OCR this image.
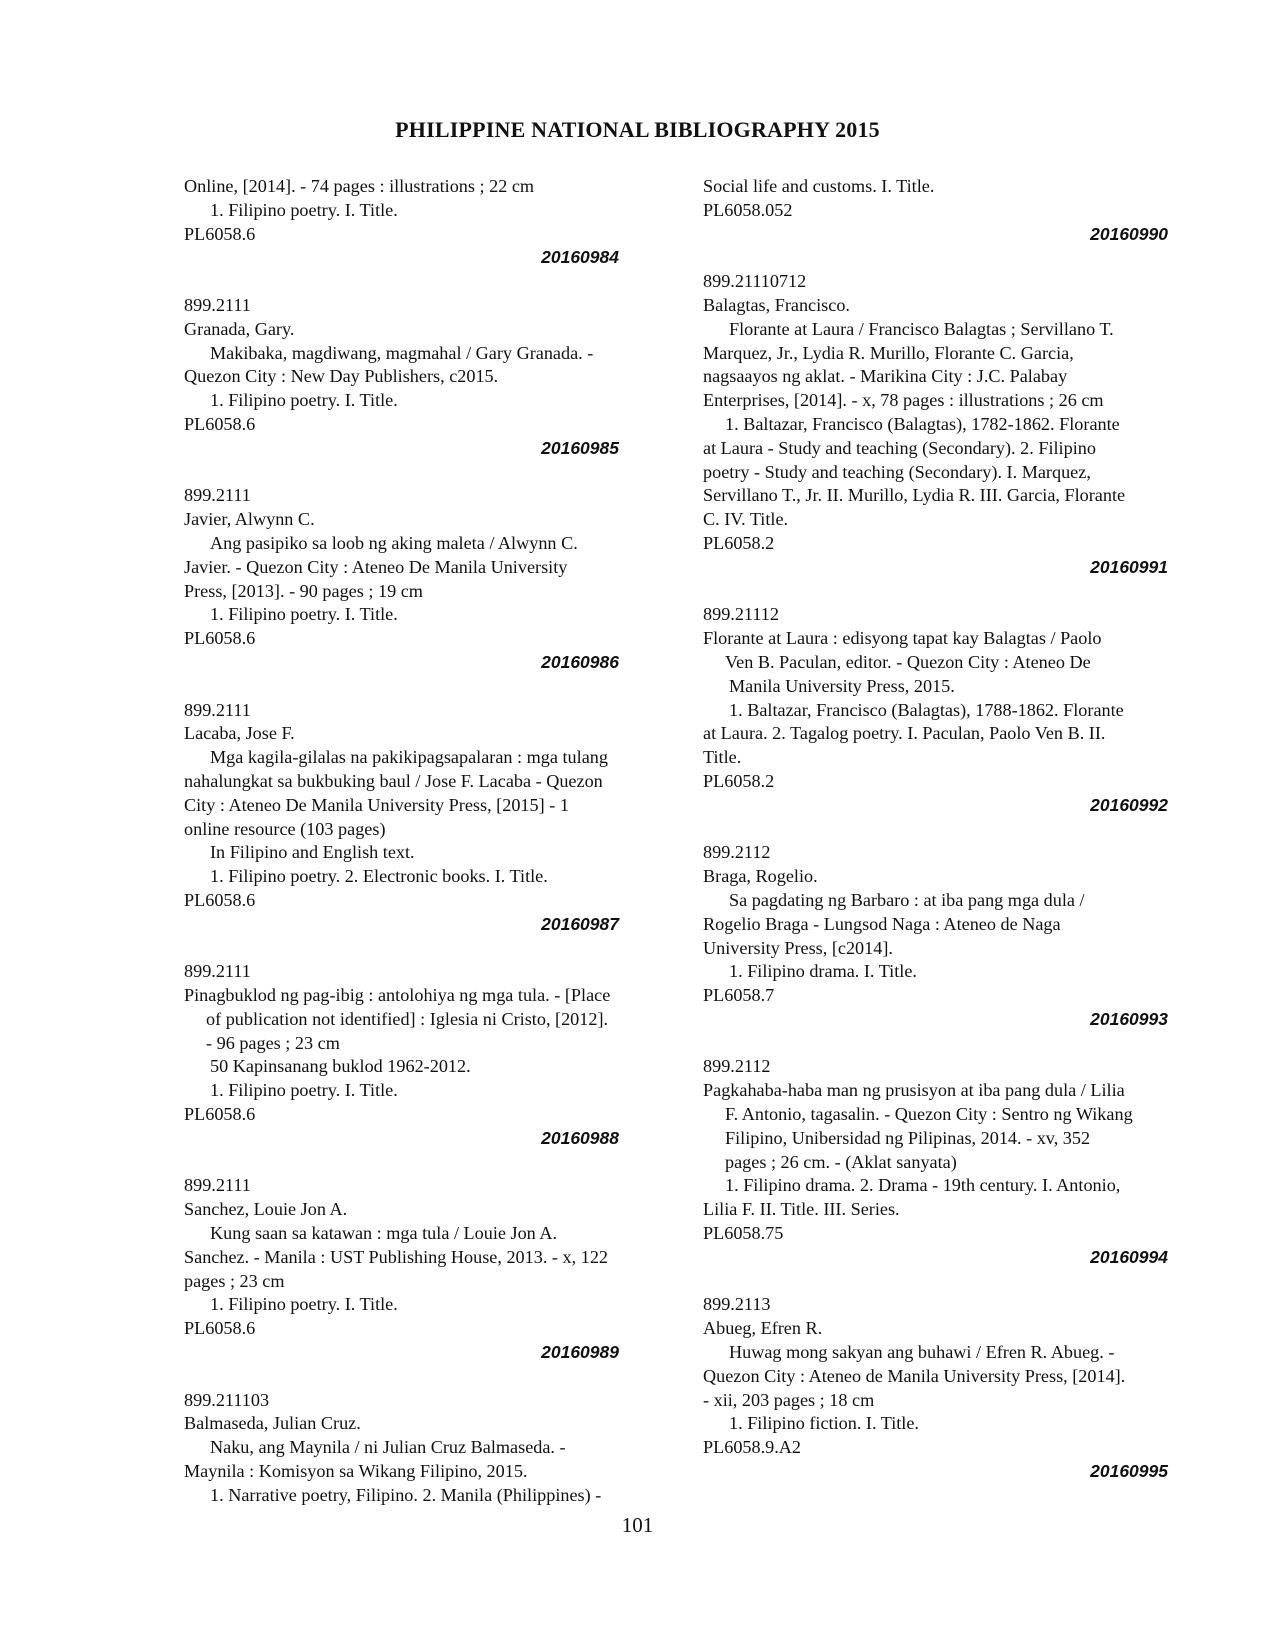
PHILIPPINE NATIONAL BIBLIOGRAPHY 2015
Online, [2014]. - 74 pages : illustrations ; 22 cm
1. Filipino poetry. I. Title.
PL6058.6
20160984
899.2111
Granada, Gary.
Makibaka, magdiwang, magmahal / Gary Granada. -
Quezon City : New Day Publishers, c2015.
1. Filipino poetry. I. Title.
PL6058.6
20160985
899.2111
Javier, Alwynn C.
Ang pasipiko sa loob ng aking maleta / Alwynn C.
Javier. - Quezon City : Ateneo De Manila University
Press, [2013]. - 90 pages ; 19 cm
1. Filipino poetry. I. Title.
PL6058.6
20160986
899.2111
Lacaba, Jose F.
Mga kagila-gilalas na pakikipagsapalaran : mga tulang
nahalungkat sa bukbuking baul / Jose F. Lacaba - Quezon
City : Ateneo De Manila University Press, [2015] - 1
online resource (103 pages)
In Filipino and English text.
1. Filipino poetry. 2. Electronic books. I. Title.
PL6058.6
20160987
899.2111
Pinagbuklod ng pag-ibig : antolohiya ng mga tula. - [Place
of publication not identified] : Iglesia ni Cristo, [2012].
- 96 pages ; 23 cm
50 Kapinsanang buklod 1962-2012.
1. Filipino poetry. I. Title.
PL6058.6
20160988
899.2111
Sanchez, Louie Jon A.
Kung saan sa katawan : mga tula / Louie Jon A.
Sanchez. - Manila : UST Publishing House, 2013. - x, 122
pages ; 23 cm
1. Filipino poetry. I. Title.
PL6058.6
20160989
899.211103
Balmaseda, Julian Cruz.
Naku, ang Maynila / ni Julian Cruz Balmaseda. -
Maynila : Komisyon sa Wikang Filipino, 2015.
1. Narrative poetry, Filipino. 2. Manila (Philippines) -
Social life and customs. I. Title.
PL6058.052
20160990
899.21110712
Balagtas, Francisco.
Florante at Laura / Francisco Balagtas ; Servillano T.
Marquez, Jr., Lydia R. Murillo, Florante C. Garcia,
nagsaayos ng aklat. - Marikina City : J.C. Palabay
Enterprises, [2014]. - x, 78 pages : illustrations ; 26 cm
1. Baltazar, Francisco (Balagtas), 1782-1862. Florante
at Laura - Study and teaching (Secondary). 2. Filipino
poetry - Study and teaching (Secondary). I. Marquez,
Servillano T., Jr. II. Murillo, Lydia R. III. Garcia, Florante
C. IV. Title.
PL6058.2
20160991
899.21112
Florante at Laura : edisyong tapat kay Balagtas / Paolo
Ven B. Paculan, editor. - Quezon City : Ateneo De
Manila University Press, 2015.
1. Baltazar, Francisco (Balagtas), 1788-1862. Florante
at Laura. 2. Tagalog poetry. I. Paculan, Paolo Ven B. II.
Title.
PL6058.2
20160992
899.2112
Braga, Rogelio.
Sa pagdating ng Barbaro : at iba pang mga dula /
Rogelio Braga - Lungsod Naga : Ateneo de Naga
University Press, [c2014].
1. Filipino drama. I. Title.
PL6058.7
20160993
899.2112
Pagkahaba-haba man ng prusisyon at iba pang dula / Lilia
F. Antonio, tagasalin. - Quezon City : Sentro ng Wikang
Filipino, Unibersidad ng Pilipinas, 2014. - xv, 352
pages ; 26 cm. - (Aklat sanyata)
1. Filipino drama. 2. Drama - 19th century. I. Antonio,
Lilia F. II. Title. III. Series.
PL6058.75
20160994
899.2113
Abueg, Efren R.
Huwag mong sakyan ang buhawi / Efren R. Abueg. -
Quezon City : Ateneo de Manila University Press, [2014].
- xii, 203 pages ; 18 cm
1. Filipino fiction. I. Title.
PL6058.9.A2
20160995
101
